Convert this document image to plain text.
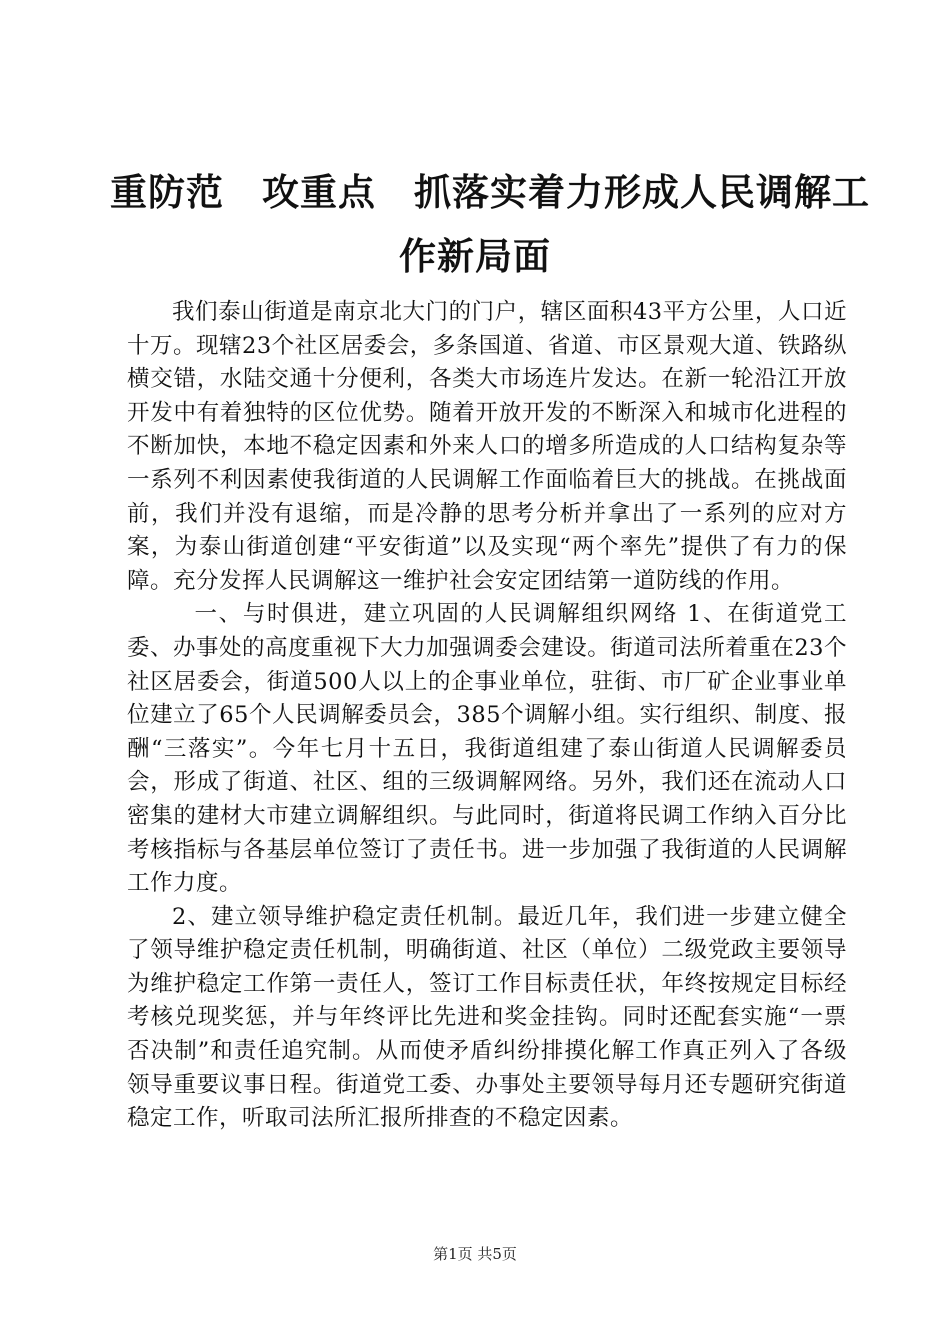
重防范　攻重点　抓落实着力形成人民调解工
作新局面

我们泰山街道是南京北大门的门户，辖区面积43平方公里，人口近十万。现辖23个社区居委会，多条国道、省道、市区景观大道、铁路纵横交错，水陆交通十分便利，各类大市场连片发达。在新一轮沿江开放开发中有着独特的区位优势。随着开放开发的不断深入和城市化进程的不断加快，本地不稳定因素和外来人口的增多所造成的人口结构复杂等一系列不利因素使我街道的人民调解工作面临着巨大的挑战。在挑战面前，我们并没有退缩，而是冷静的思考分析并拿出了一系列的应对方案，为泰山街道创建“平安街道”以及实现“两个率先”提供了有力的保障。充分发挥人民调解这一维护社会安定团结第一道防线的作用。

一、与时俱进，建立巩固的人民调解组织网络 1、在街道党工委、办事处的高度重视下大力加强调委会建设。街道司法所着重在23个社区居委会，街道500人以上的企事业单位，驻街、市厂矿企业事业单位建立了65个人民调解委员会，385个调解小组。实行组织、制度、报酬“三落实”。今年七月十五日，我街道组建了泰山街道人民调解委员会，形成了街道、社区、组的三级调解网络。另外，我们还在流动人口密集的建材大市建立调解组织。与此同时，街道将民调工作纳入百分比考核指标与各基层单位签订了责任书。进一步加强了我街道的人民调解工作力度。

2、建立领导维护稳定责任机制。最近几年，我们进一步建立健全了领导维护稳定责任机制，明确街道、社区（单位）二级党政主要领导为维护稳定工作第一责任人，签订工作目标责任状，年终按规定目标经考核兑现奖惩，并与年终评比先进和奖金挂钩。同时还配套实施“一票否决制”和责任追究制。从而使矛盾纠纷排摸化解工作真正列入了各级领导重要议事日程。街道党工委、办事处主要领导每月还专题研究街道稳定工作，听取司法所汇报所排查的不稳定因素。

第1页 共5页
